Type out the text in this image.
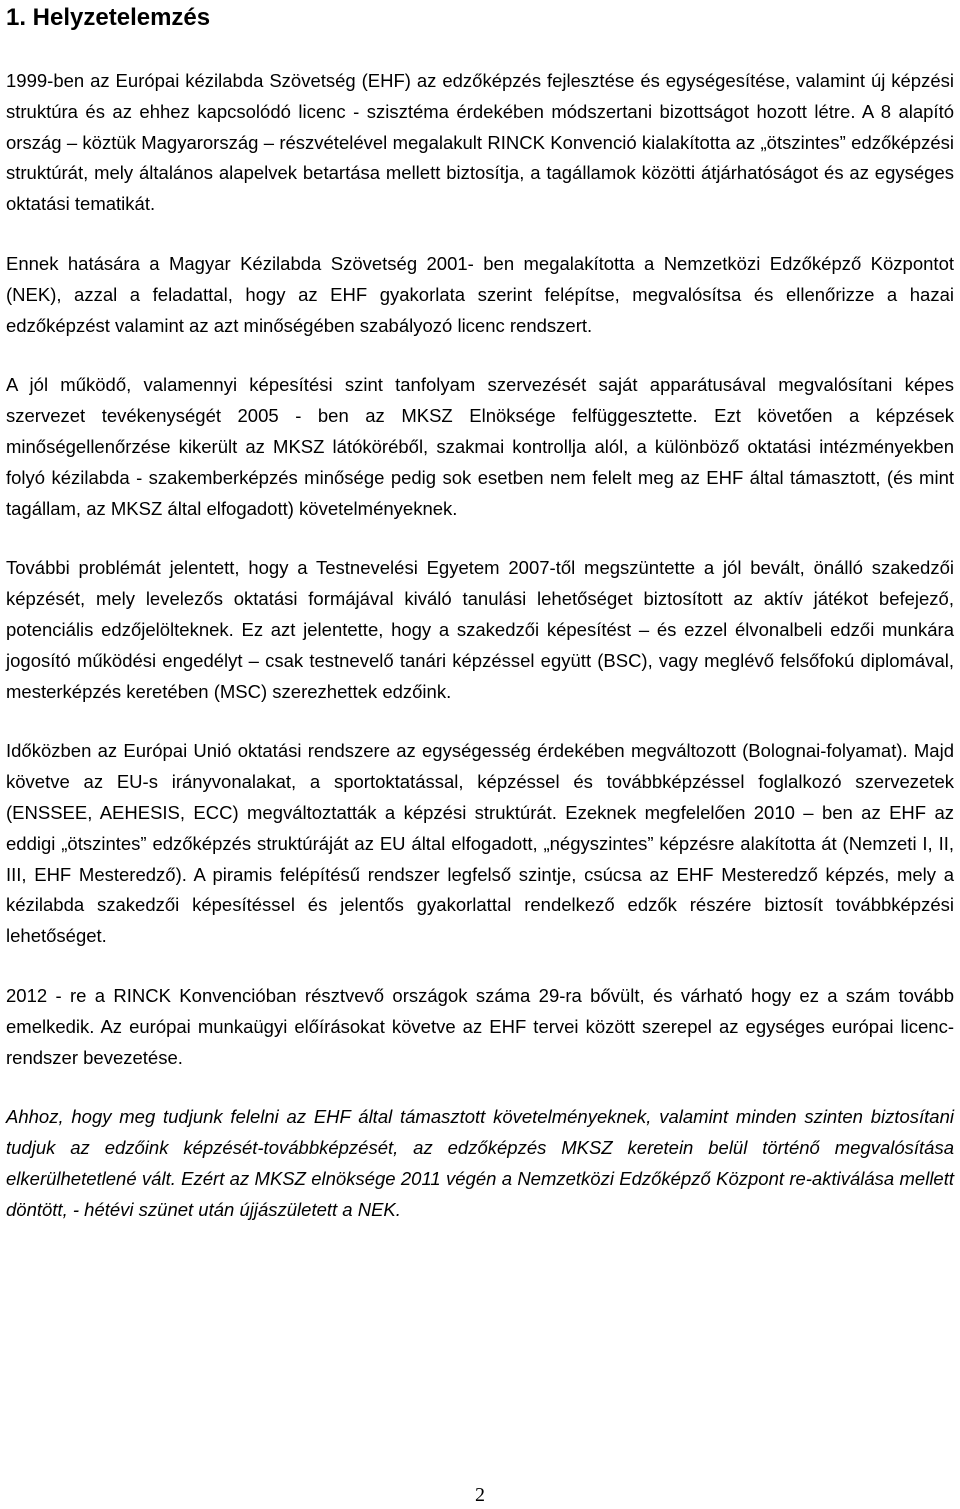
1. Helyzetelemzés

1999-ben az Európai kézilabda Szövetség (EHF) az edzőképzés fejlesztése és egységesítése, valamint új képzési struktúra és az ehhez kapcsolódó licenc - szisztéma érdekében módszertani bizottságot hozott létre. A 8 alapító ország – köztük Magyarország – részvételével megalakult RINCK Konvenció kialakította az „ötszintes” edzőképzési struktúrát, mely általános alapelvek betartása mellett biztosítja, a tagállamok közötti átjárhatóságot és az egységes oktatási tematikát.

Ennek hatására a Magyar Kézilabda Szövetség 2001- ben megalakította a Nemzetközi Edzőképző Központot (NEK), azzal a feladattal, hogy az EHF gyakorlata szerint felépítse, megvalósítsa és ellenőrizze a hazai edzőképzést valamint az azt minőségében szabályozó licenc rendszert.

A jól működő, valamennyi képesítési szint tanfolyam szervezését saját apparátusával megvalósítani képes szervezet tevékenységét 2005 - ben az MKSZ Elnöksége felfüggesztette. Ezt követően a képzések minőségellenőrzése kikerült az MKSZ látóköréből, szakmai kontrollja alól, a különböző oktatási intézményekben folyó kézilabda - szakemberképzés minősége pedig sok esetben nem felelt meg az EHF által támasztott, (és mint tagállam, az MKSZ által elfogadott) követelményeknek.

További problémát jelentett, hogy a Testnevelési Egyetem 2007-től megszüntette a jól bevált, önálló szakedzői képzését, mely levelezős oktatási formájával kiváló tanulási lehetőséget biztosított az aktív játékot befejező, potenciális edzőjelölteknek. Ez azt jelentette, hogy a szakedzői képesítést – és ezzel élvonalbeli edzői munkára jogosító működési engedélyt – csak testnevelő tanári képzéssel együtt (BSC), vagy meglévő felsőfokú diplomával, mesterképzés keretében (MSC) szerezhettek edzőink.

Időközben az Európai Unió oktatási rendszere az egységesség érdekében megváltozott (Bolognai-folyamat). Majd követve az EU-s irányvonalakat, a sportoktatással, képzéssel és továbbképzéssel foglalkozó szervezetek (ENSSEE, AEHESIS, ECC) megváltoztatták a képzési struktúrát. Ezeknek megfelelően 2010 – ben az EHF az eddigi „ötszintes” edzőképzés struktúráját az EU által elfogadott, „négyszintes” képzésre alakította át (Nemzeti I, II, III, EHF Mesteredző). A piramis felépítésű rendszer legfelső szintje, csúcsa az EHF Mesteredző képzés, mely a kézilabda szakedzői képesítéssel és jelentős gyakorlattal rendelkező edzők részére biztosít továbbképzési lehetőséget.

2012 - re a RINCK Konvencióban résztvevő országok száma 29-ra bővült, és várható hogy ez a szám tovább emelkedik. Az európai munkaügyi előírásokat követve az EHF tervei között szerepel az egységes európai licenc-rendszer bevezetése.

Ahhoz, hogy meg tudjunk felelni az EHF által támasztott követelményeknek, valamint minden szinten biztosítani tudjuk az edzőink képzését-továbbképzését, az edzőképzés MKSZ keretein belül történő megvalósítása elkerülhetetlené vált. Ezért az MKSZ elnöksége 2011 végén a Nemzetközi Edzőképző Központ re-aktiválása mellett döntött, - hétévi szünet után újjászületett a NEK.

2
